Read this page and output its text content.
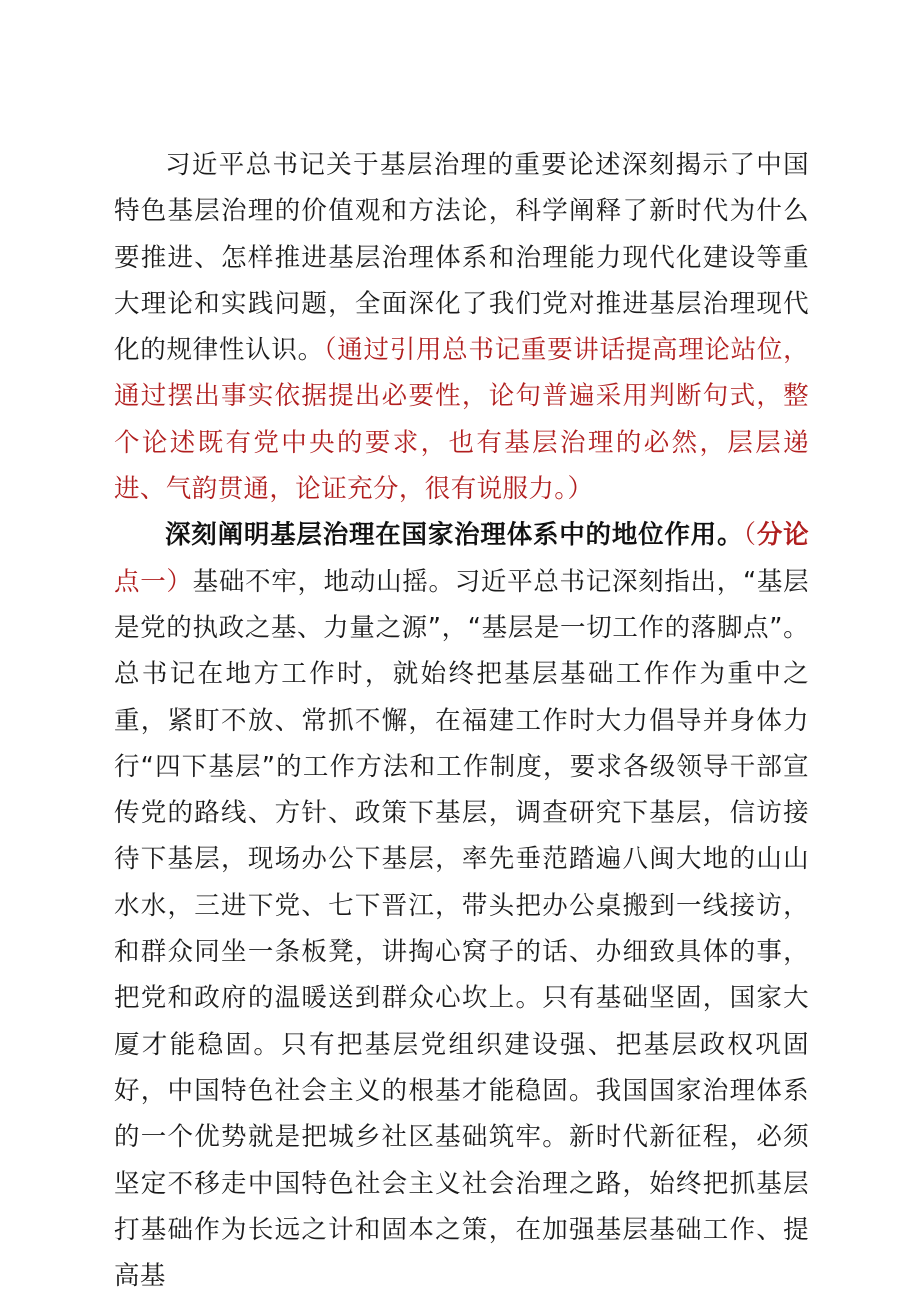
习近平总书记关于基层治理的重要论述深刻揭示了中国特色基层治理的价值观和方法论，科学阐释了新时代为什么要推进、怎样推进基层治理体系和治理能力现代化建设等重大理论和实践问题，全面深化了我们党对推进基层治理现代化的规律性认识。（通过引用总书记重要讲话提高理论站位，通过摆出事实依据提出必要性，论句普遍采用判断句式，整个论述既有党中央的要求，也有基层治理的必然，层层递进、气韵贯通，论证充分，很有说服力。）

深刻阐明基层治理在国家治理体系中的地位作用。（分论点一）基础不牢，地动山摇。习近平总书记深刻指出，“基层是党的执政之基、力量之源”，“基层是一切工作的落脚点”。总书记在地方工作时，就始终把基层基础工作作为重中之重，紧盯不放、常抓不懈，在福建工作时大力倡导并身体力行“四下基层”的工作方法和工作制度，要求各级领导干部宣传党的路线、方针、政策下基层，调查研究下基层，信访接待下基层，现场办公下基层，率先垂范踏遍八闽大地的山山水水，三进下党、七下晋江，带头把办公桌搬到一线接访，和群众同坐一条板凳，讲掏心窝子的话、办细致具体的事，把党和政府的温暖送到群众心坎上。只有基础坚固，国家大厦才能稳固。只有把基层党组织建设强、把基层政权巩固好，中国特色社会主义的根基才能稳固。我国国家治理体系的一个优势就是把城乡社区基础筑牢。新时代新征程，必须坚定不移走中国特色社会主义社会治理之路，始终把抓基层打基础作为长远之计和固本之策，在加强基层基础工作、提高基
